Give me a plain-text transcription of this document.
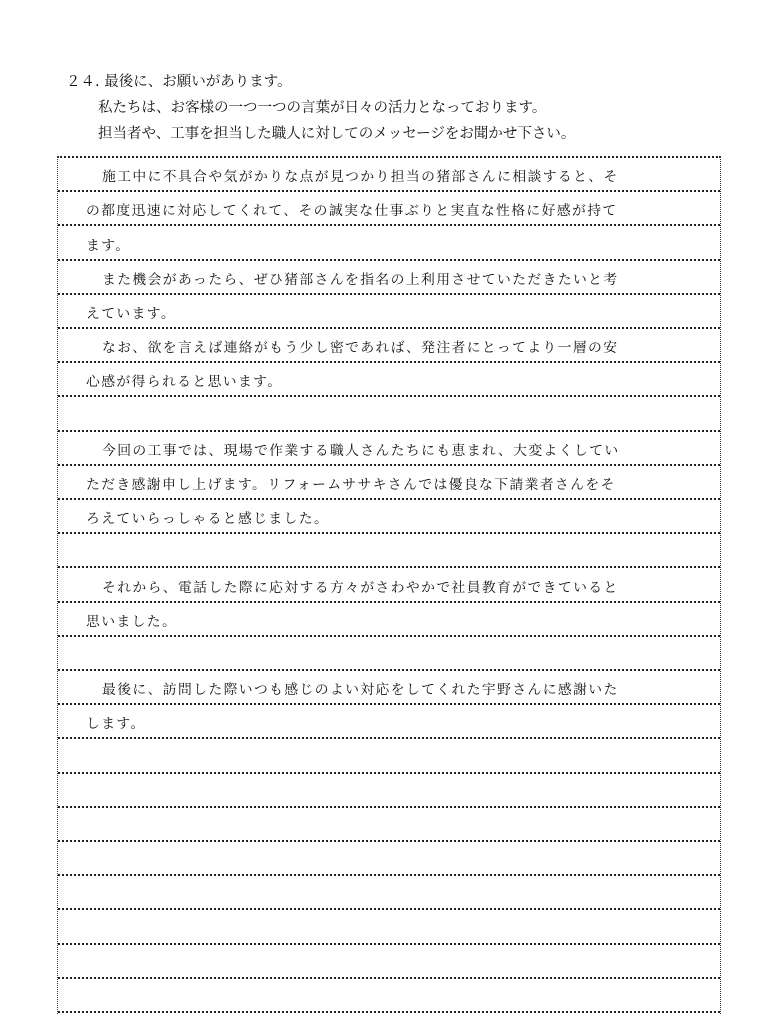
２４. 最後に、お願いがあります。
私たちは、お客様の一つ一つの言葉が日々の活力となっております。
担当者や、工事を担当した職人に対してのメッセージをお聞かせ下さい。
施工中に不具合や気がかりな点が見つかり担当の猪部さんに相談すると、そ
の都度迅速に対応してくれて、その誠実な仕事ぶりと実直な性格に好感が持て
ます。
また機会があったら、ぜひ猪部さんを指名の上利用させていただきたいと考
えています。
なお、欲を言えば連絡がもう少し密であれば、発注者にとってより一層の安
心感が得られると思います。
今回の工事では、現場で作業する職人さんたちにも恵まれ、大変よくしてい
ただき感謝申し上げます。リフォームササキさんでは優良な下請業者さんをそ
ろえていらっしゃると感じました。
それから、電話した際に応対する方々がさわやかで社員教育ができていると
思いました。
最後に、訪問した際いつも感じのよい対応をしてくれた宇野さんに感謝いた
します。
